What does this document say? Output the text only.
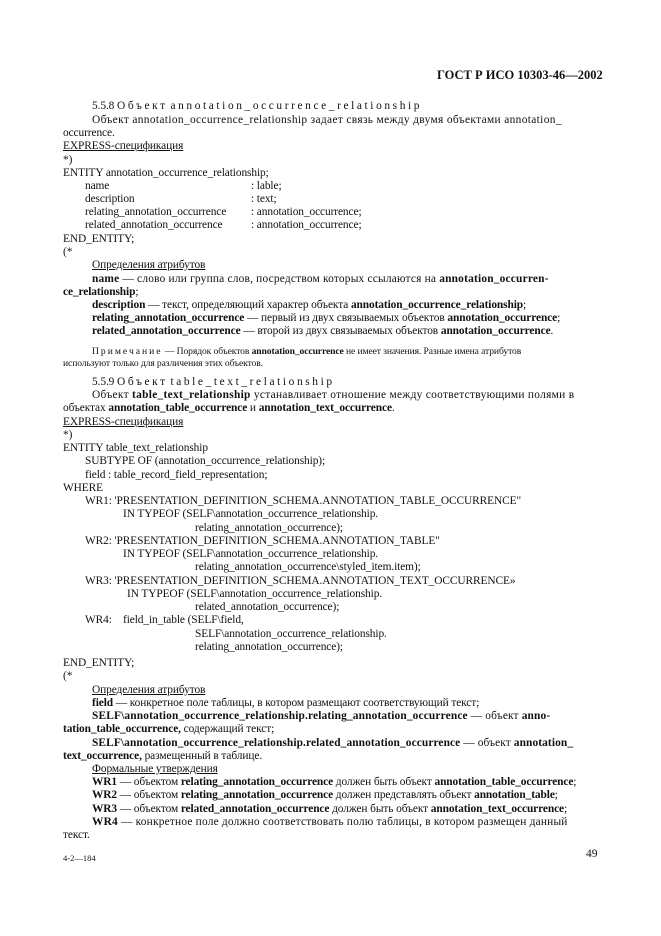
ГОСТ Р ИСО 10303-46—2002
5.5.8 Объект annotation_occurrence_relationship
Объект annotation_occurrence_relationship задает связь между двумя объектами annotation_
occurrence.
EXPRESS-спецификация
*)
ENTITY annotation_occurrence_relationship;
name	: lable;
description	: text;
relating_annotation_occurrence : annotation_occurrence;
related_annotation_occurrence : annotation_occurrence;
END_ENTITY;
(*
Определения атрибутов
name — слово или группа слов, посредством которых ссылаются на annotation_occurren-
ce_relationship;
description — текст, определяющий характер объекта annotation_occurrence_relationship;
relating_annotation_occurrence — первый из двух связываемых объектов annotation_occurrence;
related_annotation_occurrence — второй из двух связываемых объектов annotation_occurrence.
Примечание — Порядок объектов annotation_occurrence не имеет значения. Разные имена атрибутов
используют только для различения этих объектов.
5.5.9 Объект table_text_relationship
Объект table_text_relationship устанавливает отношение между соответствующими полями в
объектах annotation_table_occurrence и annotation_text_occurrence.
EXPRESS-спецификация
*)
ENTITY table_text_relationship
SUBTYPE OF (annotation_occurrence_relationship);
field : table_record_field_representation;
WHERE
WR1: 'PRESENTATION_DEFINITION_SCHEMA.ANNOTATION_TABLE_OCCURRENCE"
IN TYPEOF (SELF\annotation_occurrence_relationship.
relating_annotation_occurrence);
WR2: 'PRESENTATION_DEFINITION_SCHEMA.ANNOTATION_TABLE"
IN TYPEOF (SELF\annotation_occurrence_relationship.
relating_annotation_occurrence\styled_item.item);
WR3: 'PRESENTATION_DEFINITION_SCHEMA.ANNOTATION_TEXT_OCCURRENCE»
IN TYPEOF (SELF\annotation_occurrence_relationship.
related_annotation_occurrence);
WR4: field_in_table (SELF\field,
SELF\annotation_occurrence_relationship.
relating_annotation_occurrence);
END_ENTITY;
(*
Определения атрибутов
field — конкретное поле таблицы, в котором размещают соответствующий текст;
SELF\annotation_occurrence_relationship.relating_annotation_occurrence — объект anno-
tation_table_occurrence, содержащий текст;
SELF\annotation_occurrence_relationship.related_annotation_occurrence — объект annotation_
text_occurrence, размещенный в таблице.
Формальные утверждения
WR1 — объектом relating_annotation_occurrence должен быть объект annotation_table_occurrence;
WR2 — объектом relating_annotation_occurrence должен представлять объект annotation_table;
WR3 — объектом related_annotation_occurrence должен быть объект annotation_text_occurrence;
WR4 — конкретное поле должно соответствовать полю таблицы, в котором размещен данный
текст.
4-2—184	49
